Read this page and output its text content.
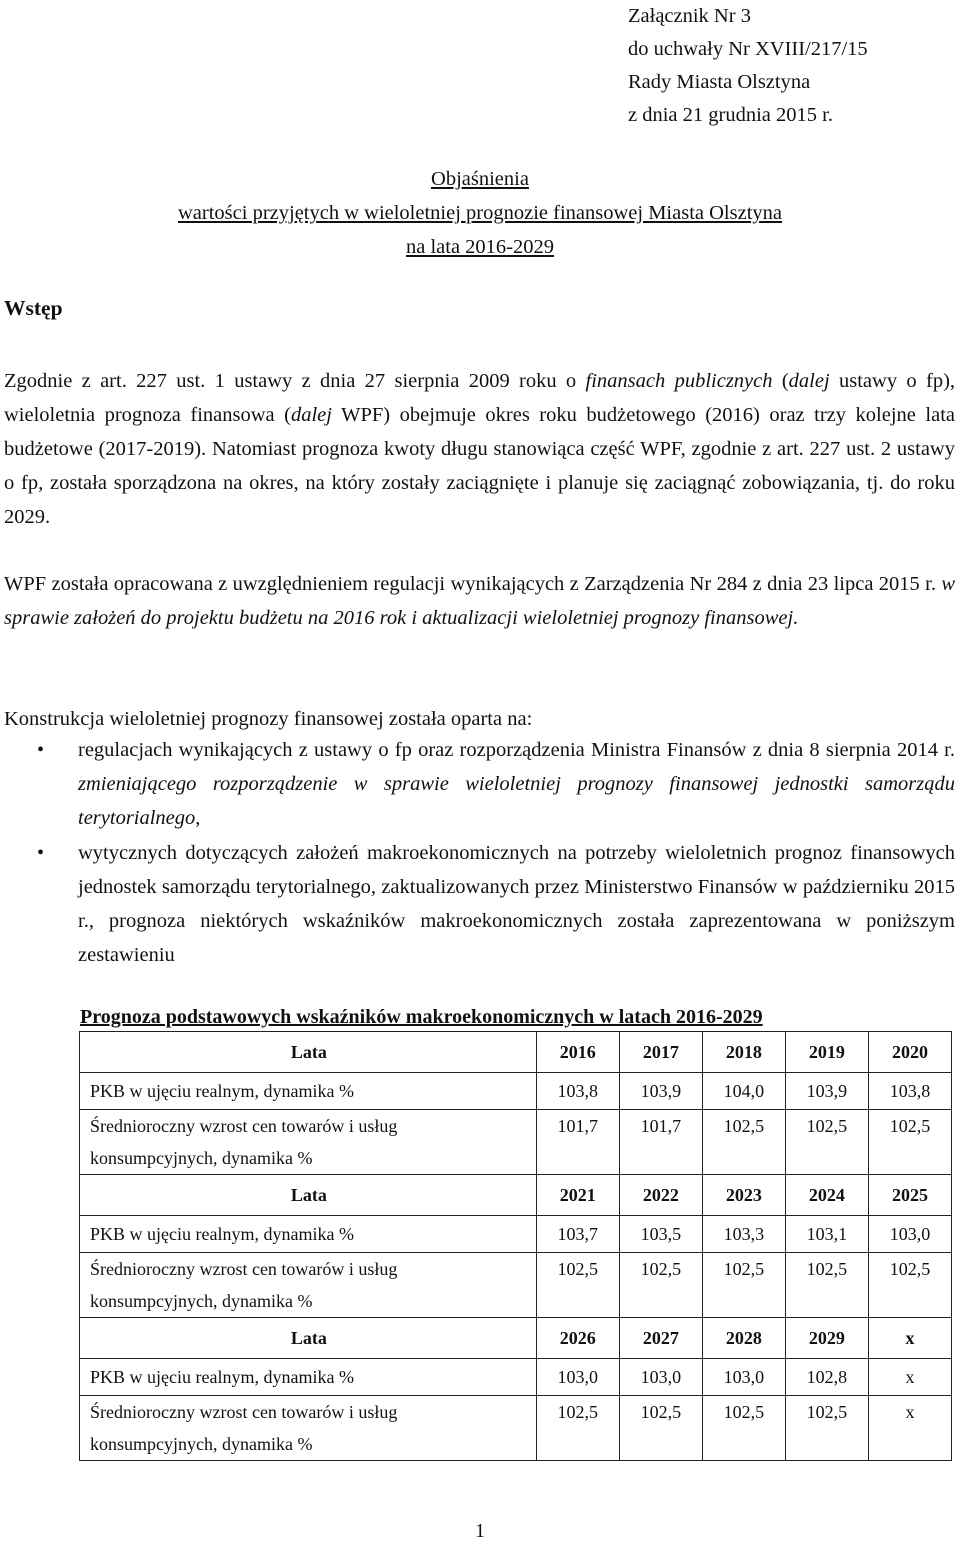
Załącznik Nr 3
do uchwały Nr XVIII/217/15
Rady Miasta Olsztyna
z dnia 21 grudnia 2015 r.
Objaśnienia
wartości przyjętych w wieloletniej prognozie finansowej Miasta Olsztyna
na lata 2016-2029
Wstęp
Zgodnie z art. 227 ust. 1 ustawy z dnia 27 sierpnia 2009 roku o finansach publicznych (dalej ustawy o fp), wieloletnia prognoza finansowa (dalej WPF) obejmuje okres roku budżetowego (2016) oraz trzy kolejne lata budżetowe (2017-2019). Natomiast prognoza kwoty długu stanowiąca część WPF, zgodnie z art. 227 ust. 2 ustawy o fp, została sporządzona na okres, na który zostały zaciągnięte i planuje się zaciągnąć zobowiązania, tj. do roku 2029.
WPF została opracowana z uwzględnieniem regulacji wynikających z Zarządzenia Nr 284 z dnia 23 lipca 2015 r. w sprawie założeń do projektu budżetu na 2016 rok i aktualizacji wieloletniej prognozy finansowej.
Konstrukcja wieloletniej prognozy finansowej została oparta na:
• regulacjach wynikających z ustawy o fp oraz rozporządzenia Ministra Finansów z dnia 8 sierpnia 2014 r. zmieniającego rozporządzenie w sprawie wieloletniej prognozy finansowej jednostki samorządu terytorialnego,
• wytycznych dotyczących założeń makroekonomicznych na potrzeby wieloletnich prognoz finansowych jednostek samorządu terytorialnego, zaktualizowanych przez Ministerstwo Finansów w październiku 2015 r., prognoza niektórych wskaźników makroekonomicznych została zaprezentowana w poniższym zestawieniu
Prognoza podstawowych wskaźników makroekonomicznych w latach 2016-2029
Lata	2016	2017	2018	2019	2020
PKB w ujęciu realnym, dynamika %	103,8	103,9	104,0	103,9	103,8
Średnioroczny wzrost cen towarów i usług konsumpcyjnych, dynamika %	101,7	101,7	102,5	102,5	102,5
Lata	2021	2022	2023	2024	2025
PKB w ujęciu realnym, dynamika %	103,7	103,5	103,3	103,1	103,0
Średnioroczny wzrost cen towarów i usług konsumpcyjnych, dynamika %	102,5	102,5	102,5	102,5	102,5
Lata	2026	2027	2028	2029	x
PKB w ujęciu realnym, dynamika %	103,0	103,0	103,0	102,8	x
Średnioroczny wzrost cen towarów i usług konsumpcyjnych, dynamika %	102,5	102,5	102,5	102,5	x
1
